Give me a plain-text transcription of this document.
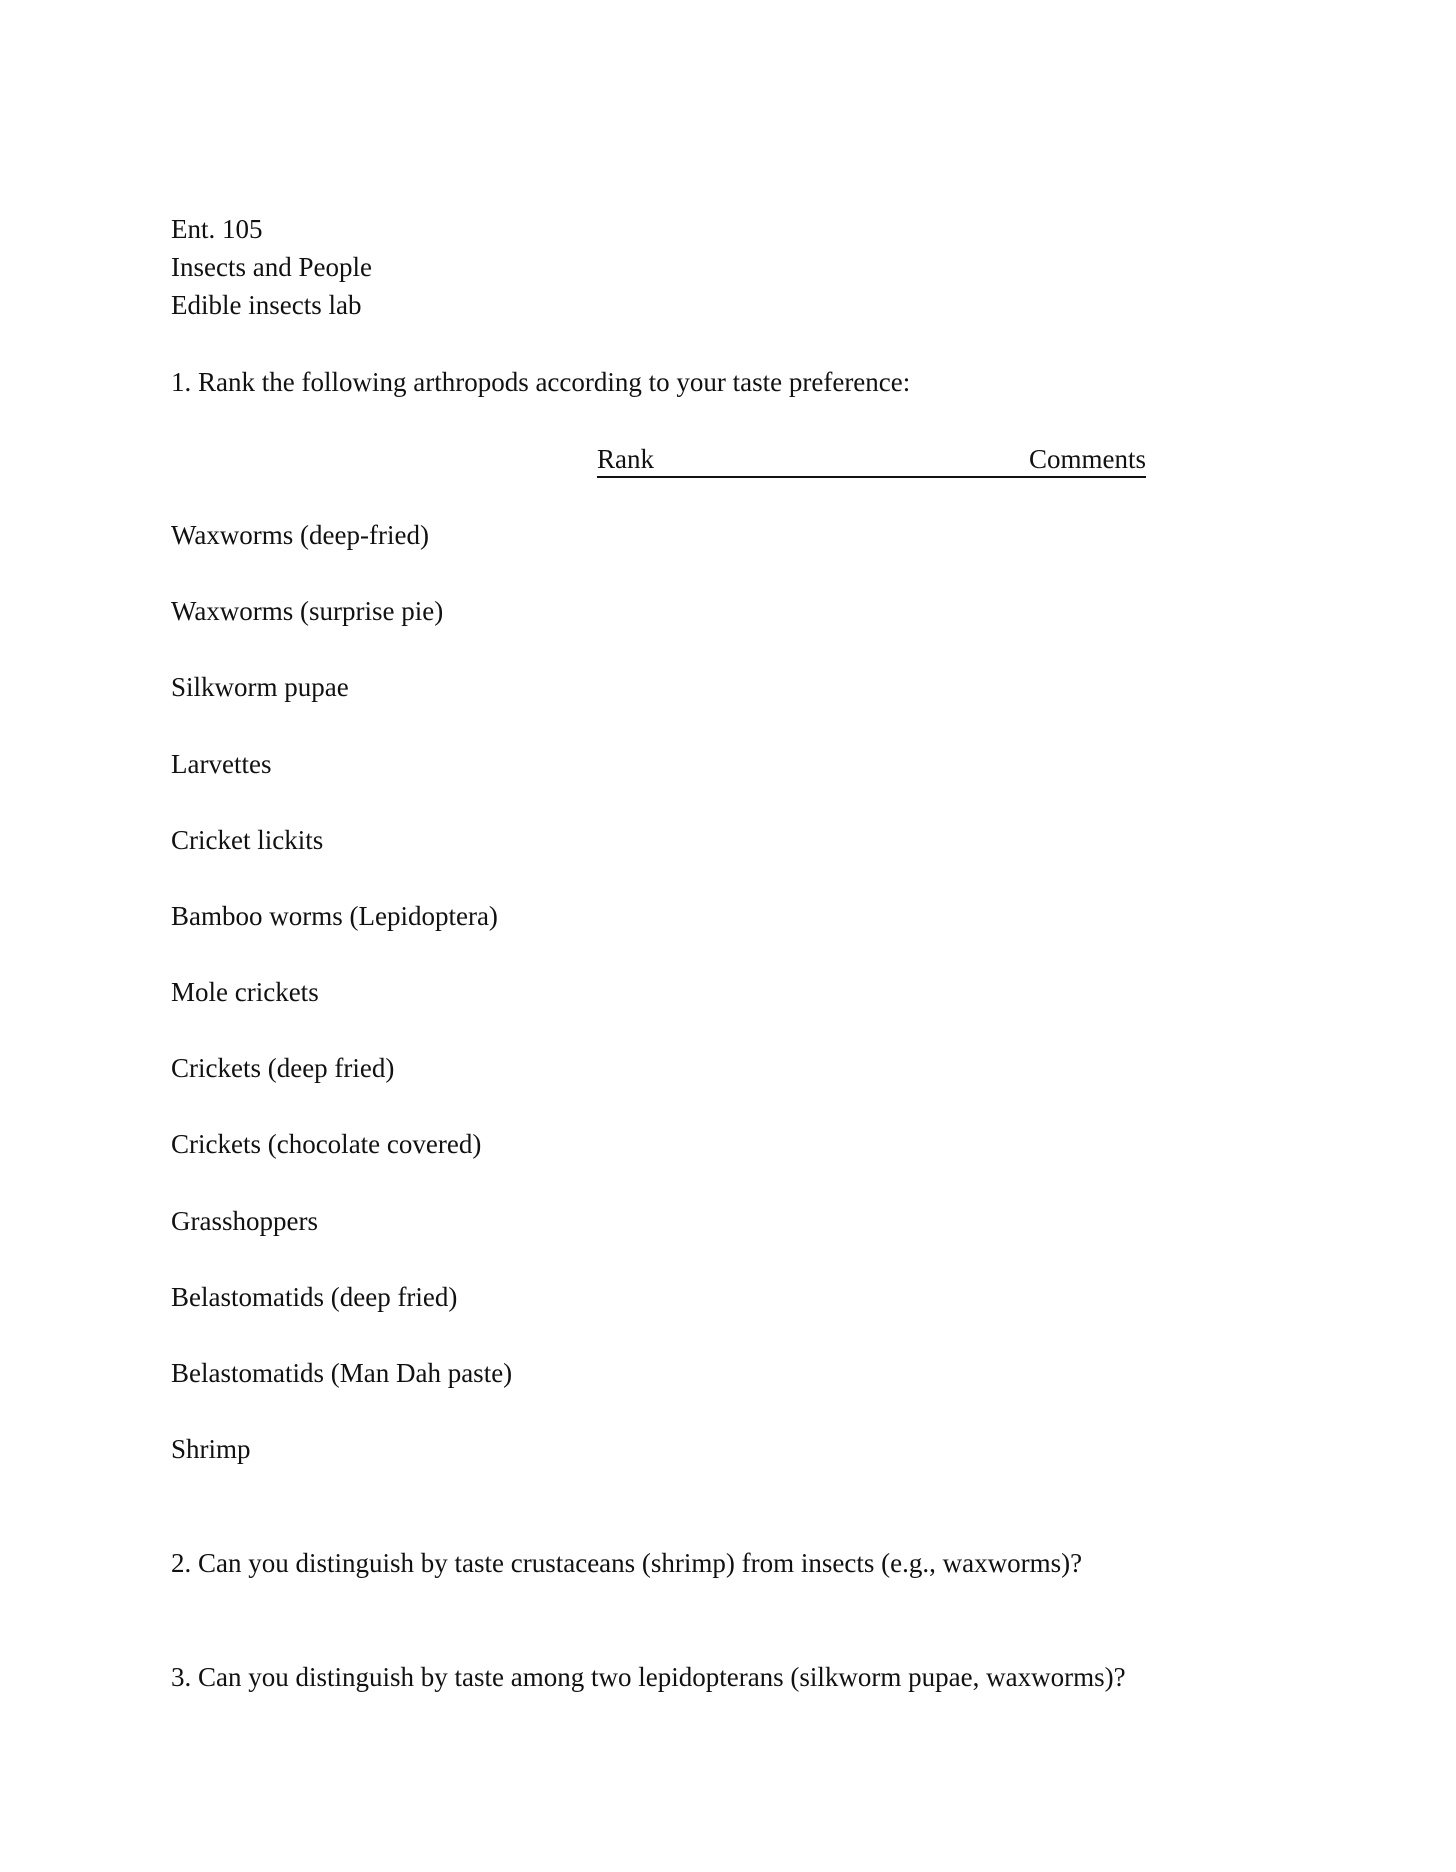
Ent. 105
Insects and People
Edible insects lab
1. Rank the following arthropods according to your taste preference:
Rank	Comments
Waxworms (deep-fried)
Waxworms (surprise pie)
Silkworm pupae
Larvettes
Cricket lickits
Bamboo worms (Lepidoptera)
Mole crickets
Crickets (deep fried)
Crickets (chocolate covered)
Grasshoppers
Belastomatids (deep fried)
Belastomatids (Man Dah paste)
Shrimp
2. Can you distinguish by taste crustaceans (shrimp) from insects (e.g., waxworms)?
3. Can you distinguish by taste among two lepidopterans (silkworm pupae, waxworms)?
